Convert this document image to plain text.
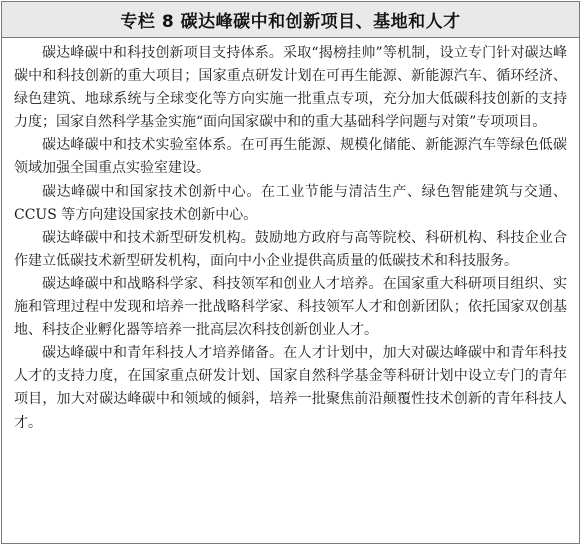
专栏 8 碳达峰碳中和创新项目、基地和人才

碳达峰碳中和科技创新项目支持体系。采取“揭榜挂帅”等机制，设立专门针对碳达峰碳中和科技创新的重大项目；国家重点研发计划在可再生能源、新能源汽车、循环经济、绿色建筑、地球系统与全球变化等方向实施一批重点专项，充分加大低碳科技创新的支持力度；国家自然科学基金实施“面向国家碳中和的重大基础科学问题与对策”专项项目。

碳达峰碳中和技术实验室体系。在可再生能源、规模化储能、新能源汽车等绿色低碳领域加强全国重点实验室建设。

碳达峰碳中和国家技术创新中心。在工业节能与清洁生产、绿色智能建筑与交通、CCUS 等方向建设国家技术创新中心。

碳达峰碳中和技术新型研发机构。鼓励地方政府与高等院校、科研机构、科技企业合作建立低碳技术新型研发机构，面向中小企业提供高质量的低碳技术和科技服务。

碳达峰碳中和战略科学家、科技领军和创业人才培养。在国家重大科研项目组织、实施和管理过程中发现和培养一批战略科学家、科技领军人才和创新团队；依托国家双创基地、科技企业孵化器等培养一批高层次科技创新创业人才。

碳达峰碳中和青年科技人才培养储备。在人才计划中，加大对碳达峰碳中和青年科技人才的支持力度，在国家重点研发计划、国家自然科学基金等科研计划中设立专门的青年项目，加大对碳达峰碳中和领域的倾斜，培养一批聚焦前沿颠覆性技术创新的青年科技人才。
